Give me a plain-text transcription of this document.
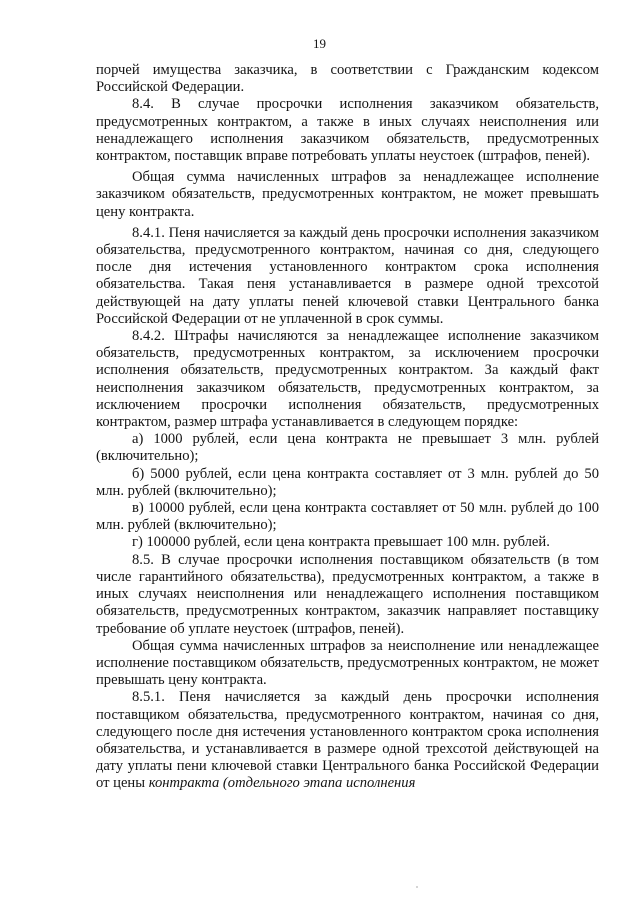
19

порчей имущества заказчика, в соответствии с Гражданским кодексом Российской Федерации.

8.4. В случае просрочки исполнения заказчиком обязательств, предусмотренных контрактом, а также в иных случаях неисполнения или ненадлежащего исполнения заказчиком обязательств, предусмотренных контрактом, поставщик вправе потребовать уплаты неустоек (штрафов, пеней).

Общая сумма начисленных штрафов за ненадлежащее исполнение заказчиком обязательств, предусмотренных контрактом, не может превышать цену контракта.

8.4.1. Пеня начисляется за каждый день просрочки исполнения заказчиком обязательства, предусмотренного контрактом, начиная со дня, следующего после дня истечения установленного контрактом срока исполнения обязательства. Такая пеня устанавливается в размере одной трехсотой действующей на дату уплаты пеней ключевой ставки Центрального банка Российской Федерации от не уплаченной в срок суммы.

8.4.2. Штрафы начисляются за ненадлежащее исполнение заказчиком обязательств, предусмотренных контрактом, за исключением просрочки исполнения обязательств, предусмотренных контрактом. За каждый факт неисполнения заказчиком обязательств, предусмотренных контрактом, за исключением просрочки исполнения обязательств, предусмотренных контрактом, размер штрафа устанавливается в следующем порядке:

а) 1000 рублей, если цена контракта не превышает 3 млн. рублей (включительно);

б) 5000 рублей, если цена контракта составляет от 3 млн. рублей до 50 млн. рублей (включительно);

в) 10000 рублей, если цена контракта составляет от 50 млн. рублей до 100 млн. рублей (включительно);

г) 100000 рублей, если цена контракта превышает 100 млн. рублей.

8.5. В случае просрочки исполнения поставщиком обязательств (в том числе гарантийного обязательства), предусмотренных контрактом, а также в иных случаях неисполнения или ненадлежащего исполнения поставщиком обязательств, предусмотренных контрактом, заказчик направляет поставщику требование об уплате неустоек (штрафов, пеней).

Общая сумма начисленных штрафов за неисполнение или ненадлежащее исполнение поставщиком обязательств, предусмотренных контрактом, не может превышать цену контракта.

8.5.1. Пеня начисляется за каждый день просрочки исполнения поставщиком обязательства, предусмотренного контрактом, начиная со дня, следующего после дня истечения установленного контрактом срока исполнения обязательства, и устанавливается в размере одной трехсотой действующей на дату уплаты пени ключевой ставки Центрального банка Российской Федерации от цены контракта (отдельного этапа исполнения
